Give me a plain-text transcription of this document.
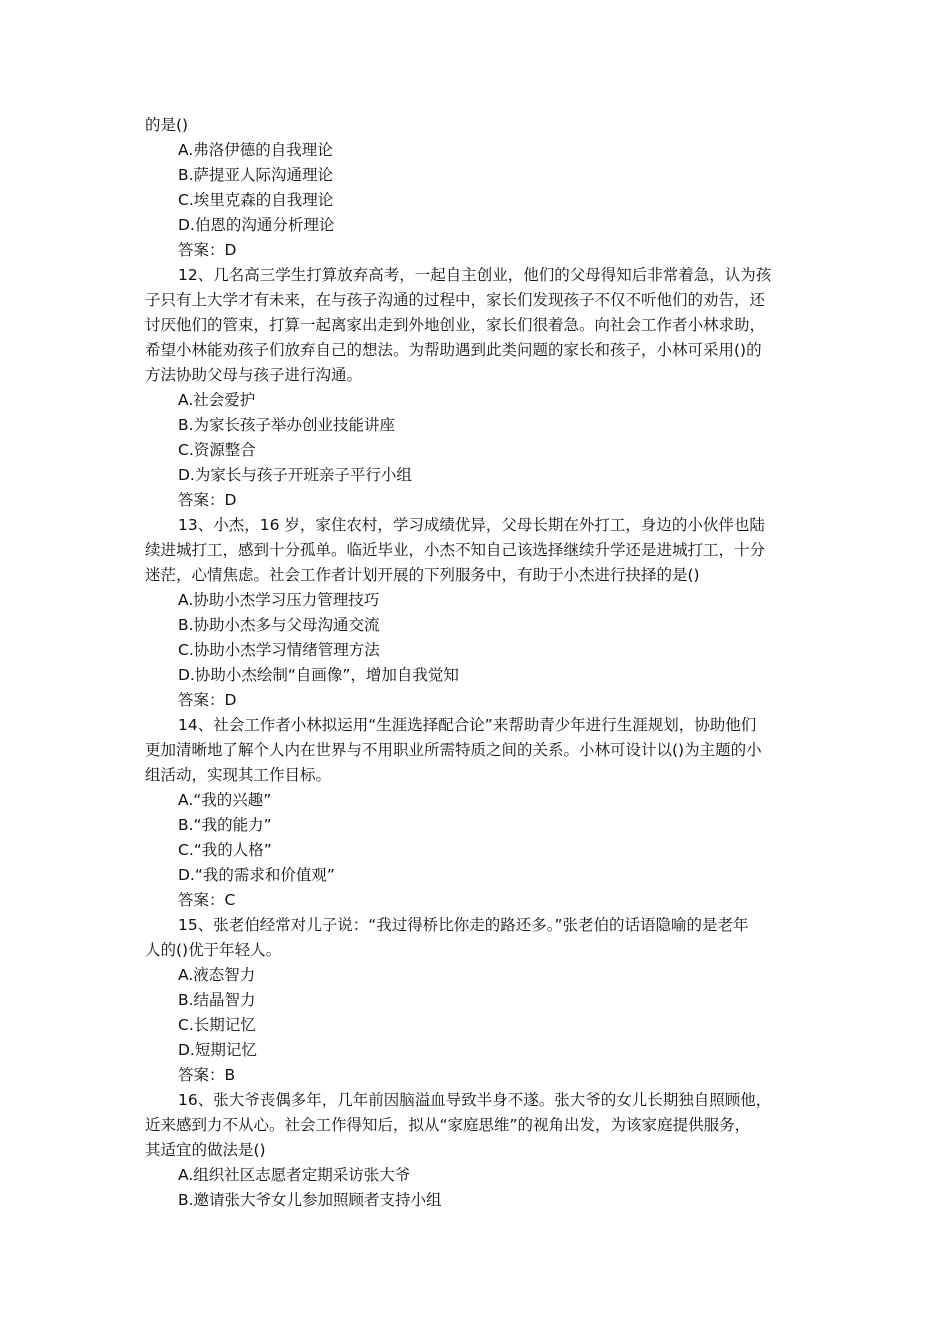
的是()
A.弗洛伊德的自我理论
B.萨提亚人际沟通理论
C.埃里克森的自我理论
D.伯恩的沟通分析理论
答案：D
12、几名高三学生打算放弃高考，一起自主创业，他们的父母得知后非常着急，认为孩
子只有上大学才有未来，在与孩子沟通的过程中，家长们发现孩子不仅不听他们的劝告，还
讨厌他们的管束，打算一起离家出走到外地创业，家长们很着急。向社会工作者小林求助，
希望小林能劝孩子们放弃自己的想法。为帮助遇到此类问题的家长和孩子，小林可采用()的
方法协助父母与孩子进行沟通。
A.社会爱护
B.为家长孩子举办创业技能讲座
C.资源整合
D.为家长与孩子开班亲子平行小组
答案：D
13、小杰，16 岁，家住农村，学习成绩优异，父母长期在外打工，身边的小伙伴也陆
续进城打工，感到十分孤单。临近毕业，小杰不知自己该选择继续升学还是进城打工，十分
迷茫，心情焦虑。社会工作者计划开展的下列服务中，有助于小杰进行抉择的是()
A.协助小杰学习压力管理技巧
B.协助小杰多与父母沟通交流
C.协助小杰学习情绪管理方法
D.协助小杰绘制“自画像”，增加自我觉知
答案：D
14、社会工作者小林拟运用“生涯选择配合论”来帮助青少年进行生涯规划，协助他们
更加清晰地了解个人内在世界与不用职业所需特质之间的关系。小林可设计以()为主题的小
组活动，实现其工作目标。
A.“我的兴趣”
B.“我的能力”
C.“我的人格”
D.“我的需求和价值观”
答案：C
15、张老伯经常对儿子说：“我过得桥比你走的路还多。”张老伯的话语隐喻的是老年
人的()优于年轻人。
A.液态智力
B.结晶智力
C.长期记忆
D.短期记忆
答案：B
16、张大爷丧偶多年，几年前因脑溢血导致半身不遂。张大爷的女儿长期独自照顾他，
近来感到力不从心。社会工作得知后，拟从“家庭思维”的视角出发，为该家庭提供服务，
其适宜的做法是()
A.组织社区志愿者定期采访张大爷
B.邀请张大爷女儿参加照顾者支持小组
